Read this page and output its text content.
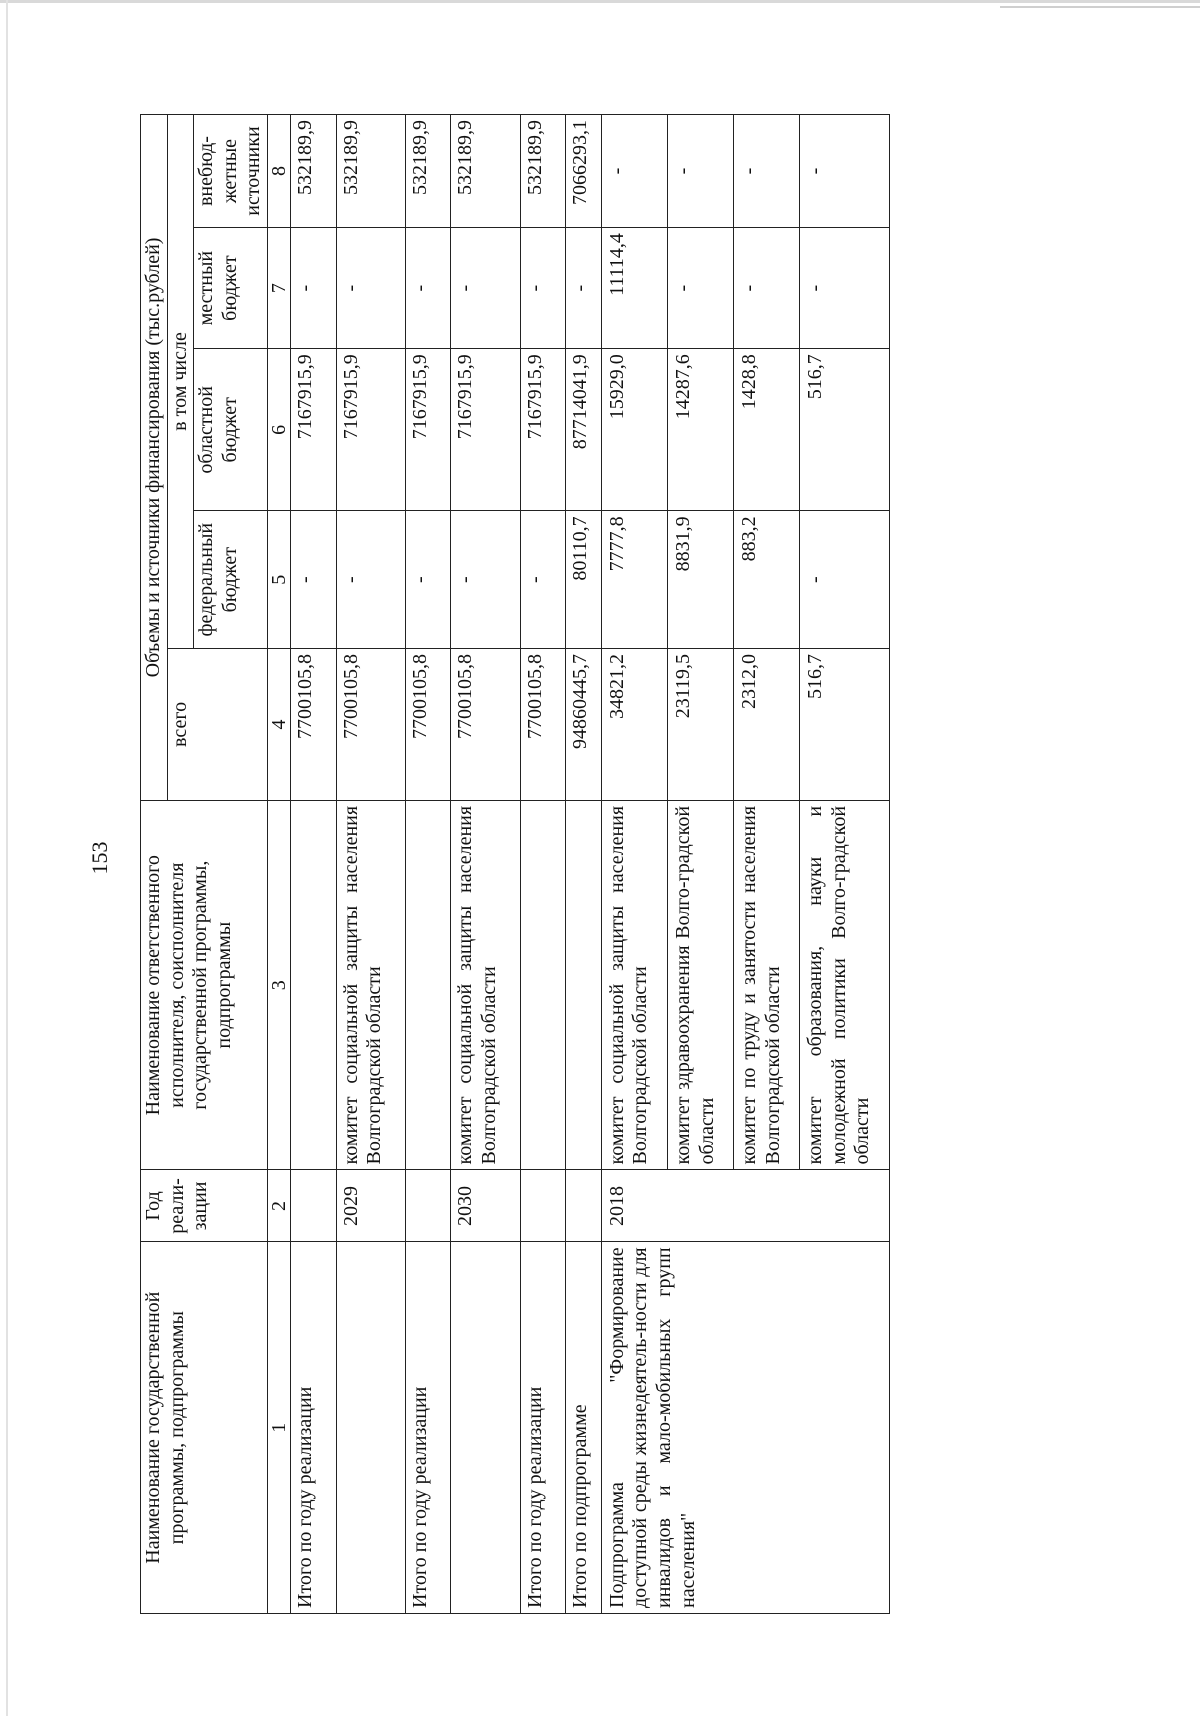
153
Наименование государственной программы, подпрограммы	Год реали-зации	Наименование ответственного исполнителя, соисполнителя государственной программы, подпрограммы	Объемы и источники финансирования (тыс.рублей)				
			всего	в том числе			
				федеральный бюджет	областной бюджет	местный бюджет	внебюд-жетные источники
1	2	3	4	5	6	7	8
Итого по году реализации			7700105,8	-	7167915,9	-	532189,9
	2029	комитет социальной защиты населения Волгоградской области	7700105,8	-	7167915,9	-	532189,9
Итого по году реализации			7700105,8	-	7167915,9	-	532189,9
	2030	комитет социальной защиты населения Волгоградской области	7700105,8	-	7167915,9	-	532189,9
Итого по году реализации			7700105,8	-	7167915,9	-	532189,9
Итого по подпрограмме			94860445,7	80110,7	87714041,9	-	7066293,1
Подпрограмма "Формирование доступной среды жизнедеятель-ности для инвалидов и мало-мобильных групп населения"	2018	комитет социальной защиты населения Волгоградской области	34821,2	7777,8	15929,0	11114,4	-
		комитет здравоохранения Волго-градской области	23119,5	8831,9	14287,6	-	-
		комитет по труду и занятости населения Волгоградской области	2312,0	883,2	1428,8	-	-
		комитет образования, науки и молодежной политики Волго-градской области	516,7	-	516,7	-	-
